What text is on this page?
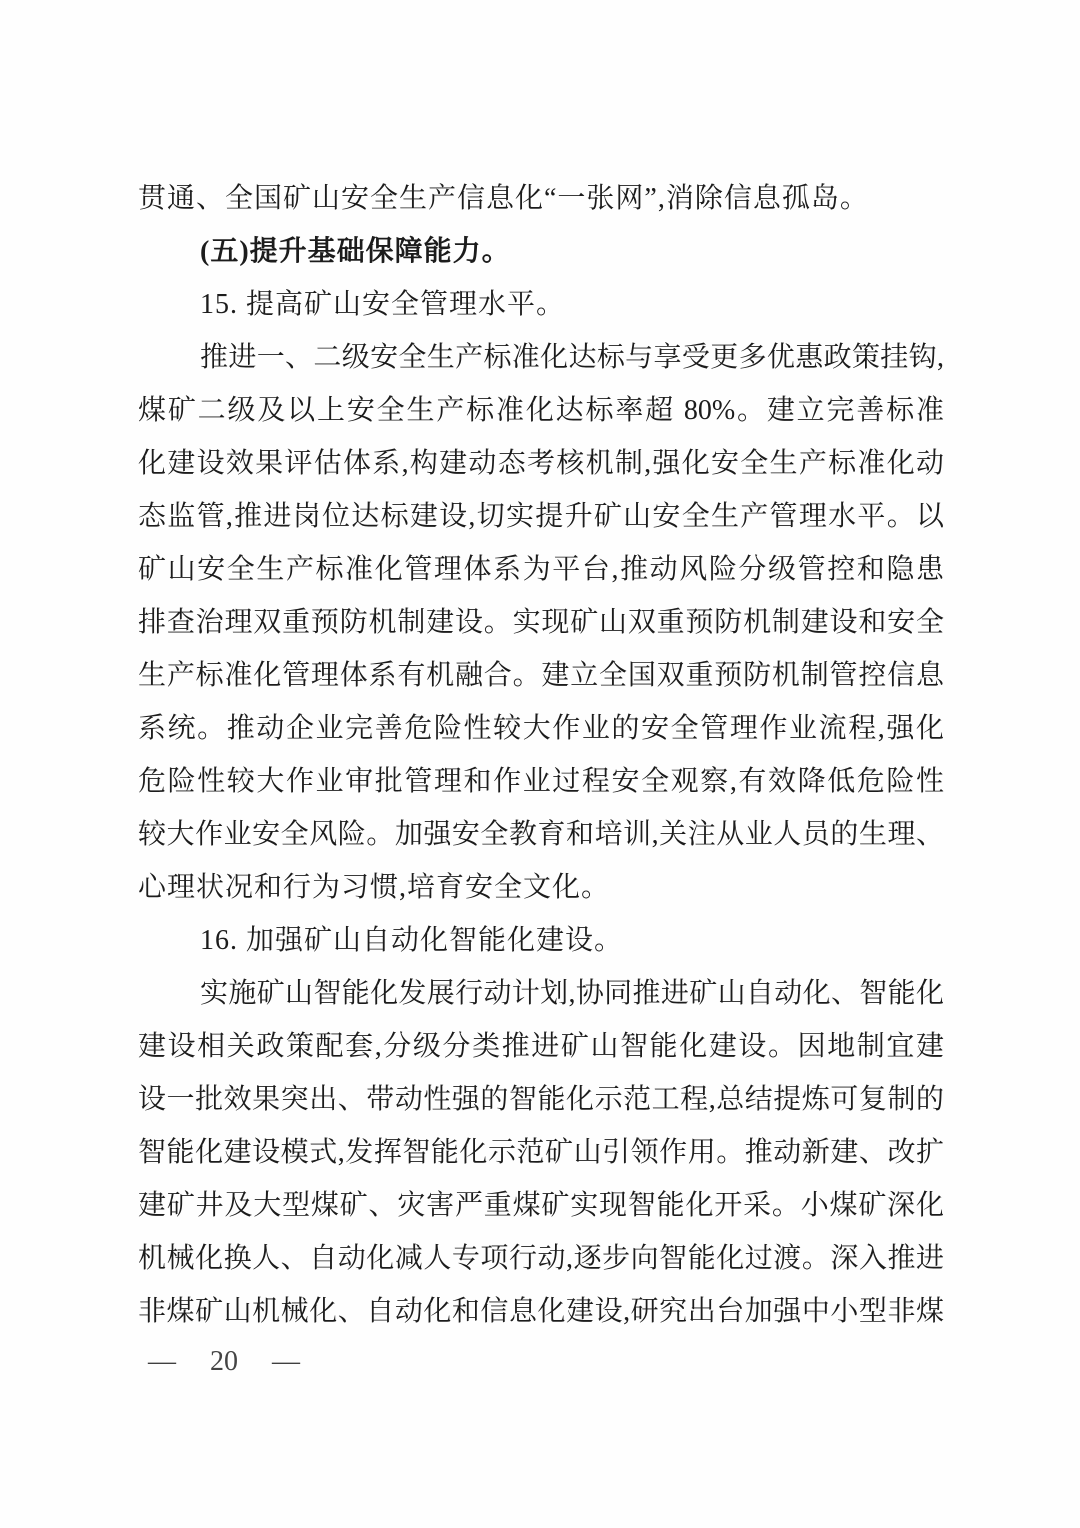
贯通、全国矿山安全生产信息化“一张网”,消除信息孤岛。
(五)提升基础保障能力。
15. 提高矿山安全管理水平。
推进一、二级安全生产标准化达标与享受更多优惠政策挂钩,
煤矿二级及以上安全生产标准化达标率超 80%。建立完善标准
化建设效果评估体系,构建动态考核机制,强化安全生产标准化动
态监管,推进岗位达标建设,切实提升矿山安全生产管理水平。以
矿山安全生产标准化管理体系为平台,推动风险分级管控和隐患
排查治理双重预防机制建设。实现矿山双重预防机制建设和安全
生产标准化管理体系有机融合。建立全国双重预防机制管控信息
系统。推动企业完善危险性较大作业的安全管理作业流程,强化
危险性较大作业审批管理和作业过程安全观察,有效降低危险性
较大作业安全风险。加强安全教育和培训,关注从业人员的生理、
心理状况和行为习惯,培育安全文化。
16. 加强矿山自动化智能化建设。
实施矿山智能化发展行动计划,协同推进矿山自动化、智能化
建设相关政策配套,分级分类推进矿山智能化建设。因地制宜建
设一批效果突出、带动性强的智能化示范工程,总结提炼可复制的
智能化建设模式,发挥智能化示范矿山引领作用。推动新建、改扩
建矿井及大型煤矿、灾害严重煤矿实现智能化开采。小煤矿深化
机械化换人、自动化减人专项行动,逐步向智能化过渡。深入推进
非煤矿山机械化、自动化和信息化建设,研究出台加强中小型非煤
— 20 —
